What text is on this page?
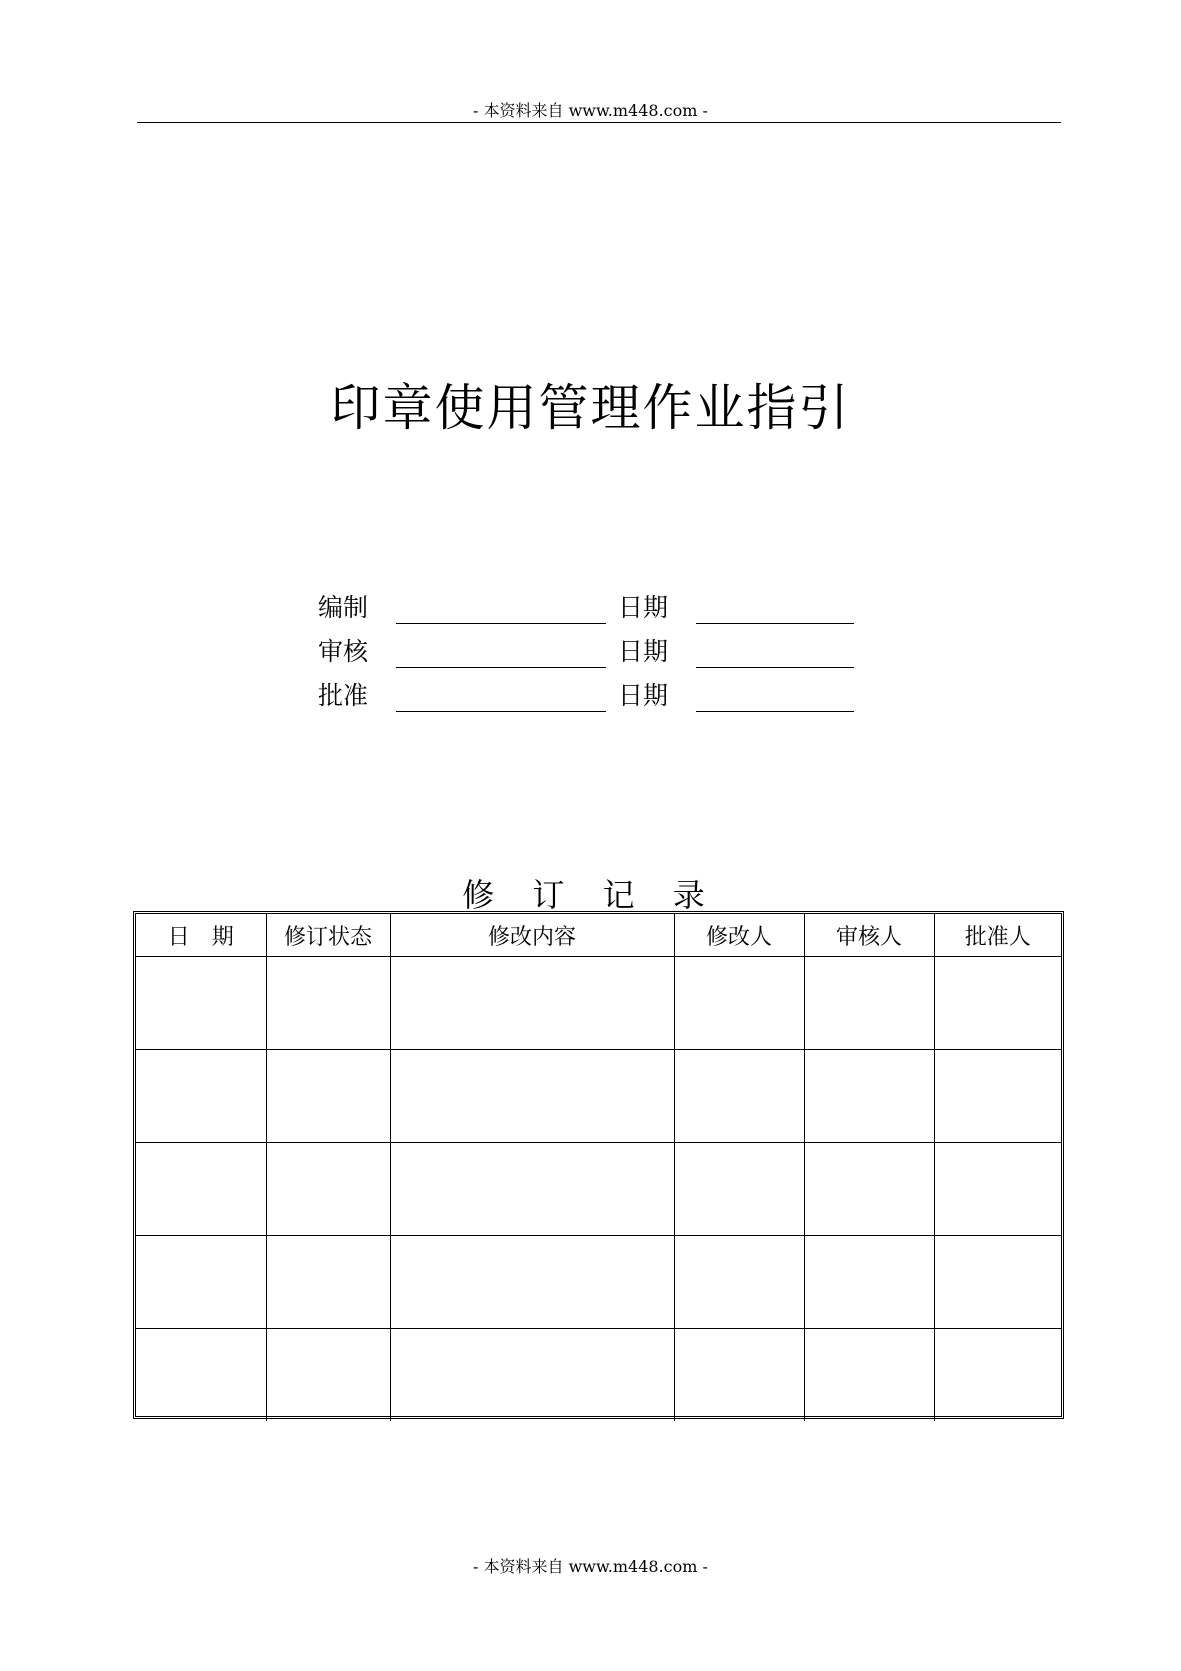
- 本资料来自 www.m448.com -
印章使用管理作业指引
编制	日期
审核	日期
批准	日期
修 订 记 录
日　期	修订状态	修改内容	修改人	审核人	批准人

- 本资料来自 www.m448.com -
